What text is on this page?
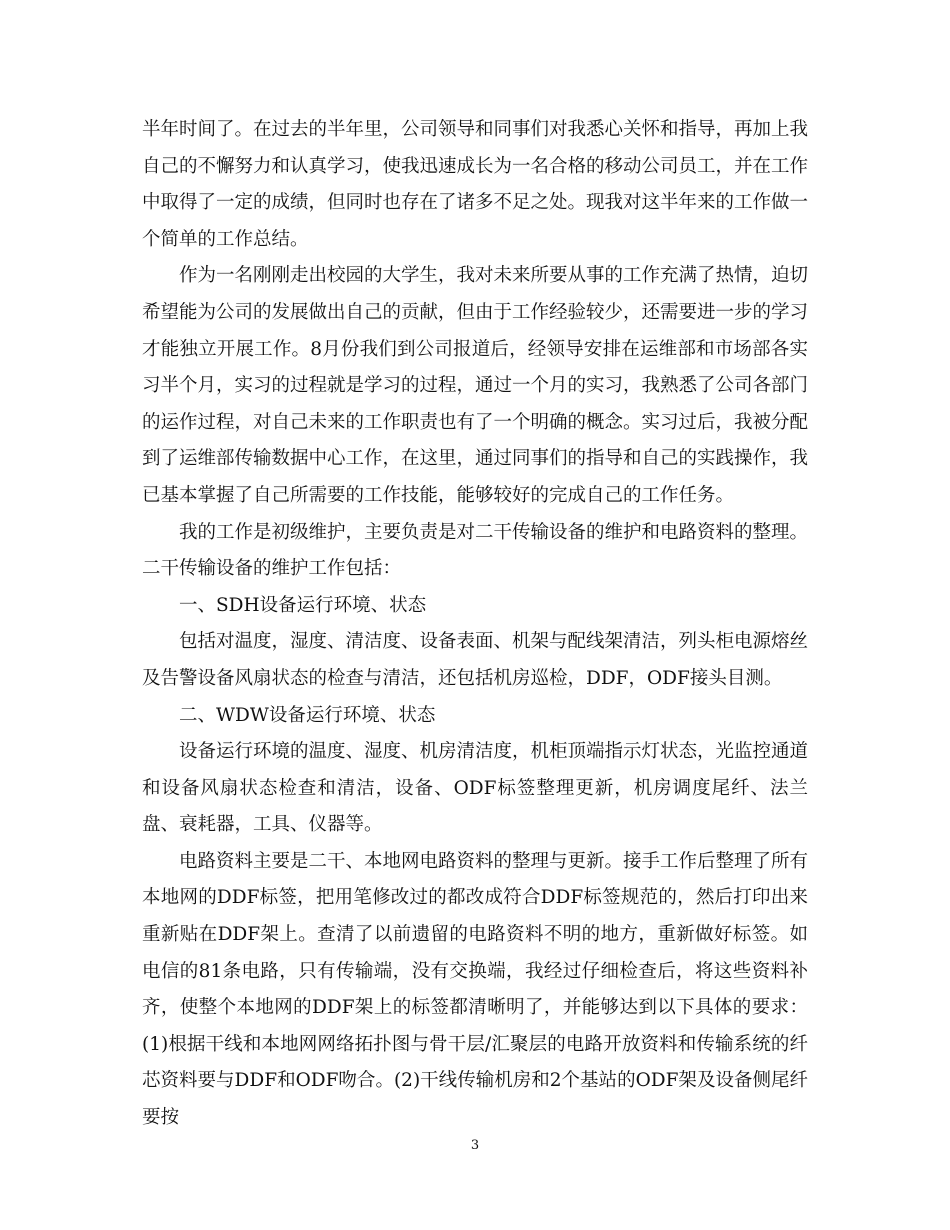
半年时间了。在过去的半年里，公司领导和同事们对我悉心关怀和指导，再加上我自己的不懈努力和认真学习，使我迅速成长为一名合格的移动公司员工，并在工作中取得了一定的成绩，但同时也存在了诸多不足之处。现我对这半年来的工作做一个简单的工作总结。

作为一名刚刚走出校园的大学生，我对未来所要从事的工作充满了热情，迫切希望能为公司的发展做出自己的贡献，但由于工作经验较少，还需要进一步的学习才能独立开展工作。8月份我们到公司报道后，经领导安排在运维部和市场部各实习半个月，实习的过程就是学习的过程，通过一个月的实习，我熟悉了公司各部门的运作过程，对自己未来的工作职责也有了一个明确的概念。实习过后，我被分配到了运维部传输数据中心工作，在这里，通过同事们的指导和自己的实践操作，我已基本掌握了自己所需要的工作技能，能够较好的完成自己的工作任务。

我的工作是初级维护，主要负责是对二干传输设备的维护和电路资料的整理。二干传输设备的维护工作包括：

一、SDH设备运行环境、状态

包括对温度，湿度、清洁度、设备表面、机架与配线架清洁，列头柜电源熔丝及告警设备风扇状态的检查与清洁，还包括机房巡检，DDF，ODF接头目测。

二、WDW设备运行环境、状态

设备运行环境的温度、湿度、机房清洁度，机柜顶端指示灯状态，光监控通道和设备风扇状态检查和清洁，设备、ODF标签整理更新，机房调度尾纤、法兰盘、衰耗器，工具、仪器等。

电路资料主要是二干、本地网电路资料的整理与更新。接手工作后整理了所有本地网的DDF标签，把用笔修改过的都改成符合DDF标签规范的，然后打印出来重新贴在DDF架上。查清了以前遗留的电路资料不明的地方，重新做好标签。如电信的81条电路，只有传输端，没有交换端，我经过仔细检查后，将这些资料补齐，使整个本地网的DDF架上的标签都清晰明了，并能够达到以下具体的要求：(1)根据干线和本地网网络拓扑图与骨干层/汇聚层的电路开放资料和传输系统的纤芯资料要与DDF和ODF吻合。(2)干线传输机房和2个基站的ODF架及设备侧尾纤要按

3
